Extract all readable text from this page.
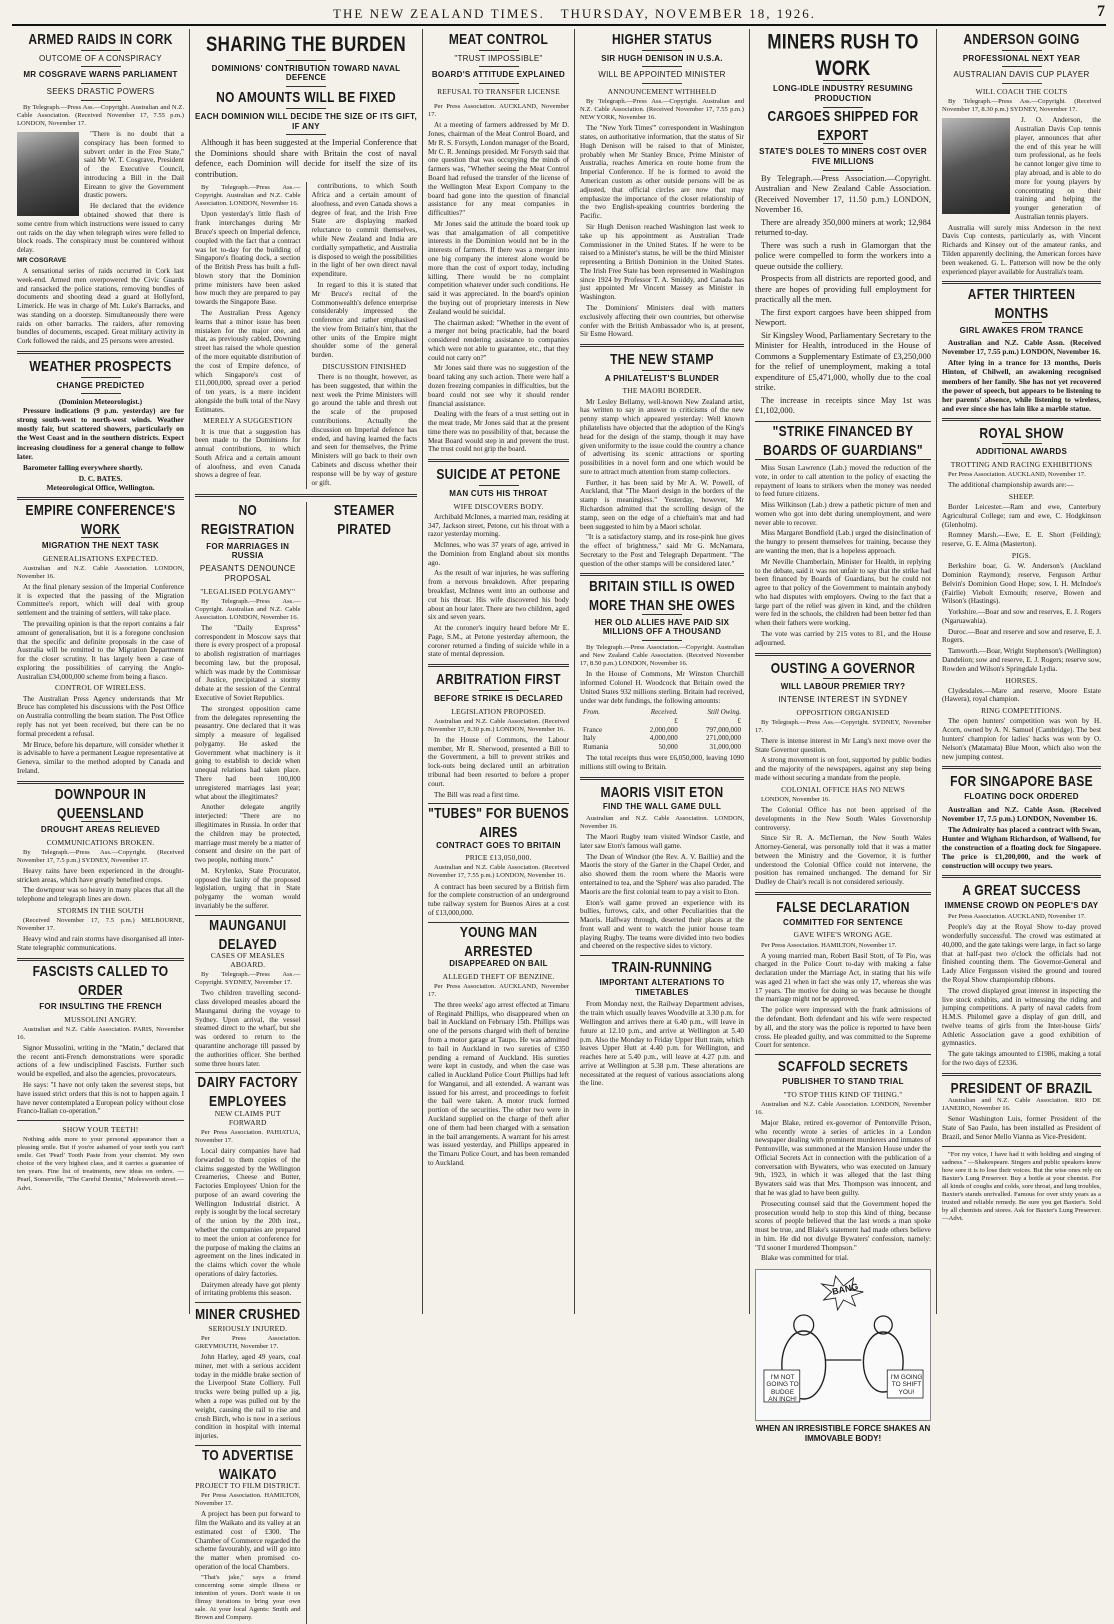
THE NEW ZEALAND TIMES. THURSDAY, NOVEMBER 18, 1926.	7
ARMED RAIDS IN CORK
OUTCOME OF A CONSPIRACY
MR COSGRAVE WARNS PARLIAMENT
SEEKS DRASTIC POWERS

By Telegraph.—Press Ass.—Copyright. Australian and N.Z. Cable Association. (Received November 17, 7.55 p.m.) LONDON, November 17.

"There is no doubt that a conspiracy has been formed to subvert order in the Free State," said Mr W. T. Cosgrave, President of the Executive Council, introducing a Bill in the Dail Eireann to give the Government drastic powers.

He declared that the evidence obtained showed that there is some centre from which instructions were issued to carry out raids on the day when telegraph wires were felled to block roads. The conspiracy must be countered without delay.

MR COSGRAVE

A sensational series of raids occurred in Cork last week-end. Armed men overpowered the Civic Guards and ransacked the police stations, removing bundles of documents and shooting dead a guard at Hollyford, Limerick. He was in charge of Mt. Luke's Barracks, and was standing on a doorstep. Simultaneously there were raids on other barracks. The raiders, after removing bundles of documents, escaped. Great military activity in Cork followed the raids, and 25 persons were arrested.

WEATHER PROSPECTS
CHANGE PREDICTED
(Dominion Meteorologist.)

Pressure indications (9 p.m. yesterday) are for strong south-west to north-west winds. Weather mostly fair, but scattered showers, particularly on the West Coast and in the southern districts. Expect increasing cloudiness for a general change to follow later.

Barometer falling everywhere shortly.

D. C. BATES.
Meteorological Office, Wellington.
EMPIRE CONFERENCE'S WORK
MIGRATION THE NEXT TASK
GENERALISATIONS EXPECTED.

Australian and N.Z. Cable Association. LONDON, November 16.

At the final plenary session of the Imperial Conference it is expected that the passing of the Migration Committee's report, which will deal with group settlement and the training of settlers, will take place.

The prevailing opinion is that the report contains a fair amount of generalisation, but it is a foregone conclusion that the specific and definite proposals in the case of Australia will be remitted to the Migration Department for the closer scrutiny. It has largely been a case of exploring the possibilities of carrying the Anglo-Australian £34,000,000 scheme from being a fiasco.

CONTROL OF WIRELESS.

The Australian Press Agency understands that Mr Bruce has completed his discussions with the Post Office on Australia controlling the beam station. The Post Office reply has not yet been received, but there can be no formal precedent a refusal.

Mr Bruce, before his departure, will consider whether it is advisable to have a permanent League representative at Geneva, similar to the method adopted by Canada and Ireland.

DOWNPOUR IN QUEENSLAND
DROUGHT AREAS RELIEVED
COMMUNICATIONS BROKEN.

By Telegraph.—Press Ass.—Copyright. (Received November 17, 7.5 p.m.) SYDNEY, November 17.

Heavy rains have been experienced in the drought-stricken areas, which have greatly benefited crops.

The downpour was so heavy in many places that all the telephone and telegraph lines are down.

STORMS IN THE SOUTH

(Received November 17, 7.5 p.m.) MELBOURNE, November 17.

Heavy wind and rain storms have disorganised all inter-State telegraphic communications.

FASCISTS CALLED TO ORDER
FOR INSULTING THE FRENCH
MUSSOLINI ANGRY.

Australian and N.Z. Cable Association. PARIS, November 16.

Signor Mussolini, writing in the "Matin," declared that the recent anti-French demonstrations were sporadic actions of a few undisciplined Fascists. Further such would be expelled, and also the agencies, provocateurs.

He says: "I have not only taken the severest steps, but have issued strict orders that this is not to happen again. I have never contemplated a European policy without close Franco-Italian co-operation."

SHOW YOUR TEETH!

Nothing adds more to your personal appearance than a pleasing smile. But if you're ashamed of your teeth you can't smile. Get 'Pearl' Tooth Paste from your chemist. My own choice of the very highest class, and it carries a guarantee of ten years. Fine list of treatments, new ideas on orders. — Pearl, Somerville, "The Careful Dentist," Molesworth street.—Advt.

SHARING THE BURDEN
DOMINIONS' CONTRIBUTION TOWARD NAVAL DEFENCE
NO AMOUNTS WILL BE FIXED
EACH DOMINION WILL DECIDE THE SIZE OF ITS GIFT, IF ANY

Although it has been suggested at the Imperial Conference that the Dominions should share with Britain the cost of naval defence, each Dominion will decide for itself the size of its contribution.

By Telegraph.—Press Ass.—Copyright. Australian and N.Z. Cable Association. LONDON, November 16.

Upon yesterday's little flash of frank interchanges during Mr Bruce's speech on Imperial defence, coupled with the fact that a contract was let to-day for the building of Singapore's floating dock, a section of the British Press has built a full-blown story that the Dominion prime ministers have been asked how much they are prepared to pay towards the Singapore Base.

The Australian Press Agency learns that a minor issue has been mistaken for the major one, and that, as previously cabled, Downing street has raised the whole question of the more equitable distribution of the cost of Empire defence, of which Singapore's cost of £11,000,000, spread over a period of ten years, is a mere incident alongside the bulk total of the Navy Estimates.

MERELY A SUGGESTION

It is true that a suggestion has been made to the Dominions for annual contributions, to which South Africa and a certain amount of aloofness, and even Canada shows a degree of fear.

contributions, to which South Africa and a certain amount of aloofness, and even Canada shows a degree of fear, and the Irish Free State are displaying marked reluctance to commit themselves, while New Zealand and India are cordially sympathetic, and Australia is disposed to weigh the possibilities in the light of her own direct naval expenditure.

In regard to this it is stated that Mr Bruce's recital of the Commonwealth's defence enterprise considerably impressed the conference and rather emphasised the view from Britain's hint, that the other units of the Empire might shoulder some of the general burden.

DISCUSSION FINISHED

There is no thought, however, as has been suggested, that within the next week the Prime Ministers will go around the table and thresh out the scale of the proposed contributions. Actually the discussion on Imperial defence has ended, and having learned the facts and seen for themselves, the Prime Ministers will go back to their own Cabinets and discuss whether their response will be by way of gesture or gift.

NO REGISTRATION
FOR MARRIAGES IN RUSSIA
PEASANTS DENOUNCE PROPOSAL
"LEGALISED POLYGAMY"

By Telegraph.—Press Ass.—Copyright. Australian and N.Z. Cable Association. LONDON, November 16.

The "Daily Express" correspondent in Moscow says that there is every prospect of a proposal to abolish registration of marriages becoming law, but the proposal, which was made by the Commissar of Justice, precipitated a stormy debate at the session of the Central Executive of Soviet Republics.

The strongest opposition came from the delegates representing the peasantry. One declared that it was simply a measure of legalised polygamy. He asked the Government what machinery is it going to establish to decide when unequal relations had taken place. There had been 100,000 unregistered marriages last year; what about the illegitimates?

Another delegate angrily interjected: "There are no illegitimates in Russia. In order that the children may be protected, marriage must merely be a matter of consent and desire on the part of two people, nothing more."

M. Krylenko, State Procurator, opposed the laxity of the proposed legislation, urging that in State polygamy the woman would invariably be the sufferer.

MAUNGANUI DELAYED
CASES OF MEASLES ABOARD.

By Telegraph.—Press Ass.—Copyright. SYDNEY, November 17.

Two children travelling second-class developed measles aboard the Maunganui during the voyage to Sydney. Upon arrival, the vessel steamed direct to the wharf, but she was ordered to return to the quarantine anchorage till passed by the authorities officer. She berthed some three hours later.

DAIRY FACTORY EMPLOYEES
NEW CLAIMS PUT FORWARD

Per Press Association. PAHIATUA, November 17.

Local dairy companies have had forwarded to them copies of the claims suggested by the Wellington Creameries, Cheese and Butter, Factories Employees' Union for the purpose of an award covering the Wellington Industrial district. A reply is sought by the local secretary of the union by the 20th inst., whether the companies are prepared to meet the union at conference for the purpose of making the claims an agreement on the lines indicated in the claims which cover the whole operations of dairy factories.

Dairymen already have got plenty of irritating problems this season.

MINER CRUSHED
SERIOUSLY INJURED.

Per Press Association. GREYMOUTH, November 17.

John Harley, aged 49 years, coal miner, met with a serious accident today in the middle brake section of the Liverpool State Colliery. Full trucks were being pulled up a jig, when a rope was pulled out by the weight, causing the rail to rise and crush Birch, who is now in a serious condition in hospital with internal injuries.

TO ADVERTISE WAIKATO
PROJECT TO FILM DISTRICT.

Per Press Association. HAMILTON, November 17.

A project has been put forward to film the Waikato and its valley at an estimated cost of £300. The Chamber of Commerce regarded the scheme favourably, and will go into the matter when promised co-operation of the local Chambers.

"That's jake," says a friend concerning some simple illness or intention of yours. Don't waste it on flimsy iterations to bring your own sale. At your local Agents: Smith and Brown and Company.

STEAMER PIRATED
MEAT CONTROL
"TRUST IMPOSSIBLE"
BOARD'S ATTITUDE EXPLAINED
REFUSAL TO TRANSFER LICENSE

Per Press Association. AUCKLAND, November 17.

At a meeting of farmers addressed by Mr D. Jones, chairman of the Meat Control Board, and Mr R. S. Forsyth, London manager of the Board, Mr C. R. Jennings presided. Mr Forsyth said that one question that was occupying the minds of farmers was, "Whether seeing the Meat Control Board had refused the transfer of the license of the Wellington Meat Export Company to the board had gone into the question of financial assistance for any meat companies in difficulties?"

Mr Jones said the attitude the board took up was that amalgamation of all competitive interests in the Dominion would not be in the interests of farmers. If there was a merger into one big company the interest alone would be more than the cost of export today, including killing. There would be no complaint competition whatever under such conditions. He said it was appreciated. In the board's opinion the buying out of proprietary interests in New Zealand would be suicidal.

The chairman asked: "Whether in the event of a merger not being practicable, had the board considered rendering assistance to companies which were not able to guarantee, etc., that they could not carry on?"

Mr Jones said there was no suggestion of the board taking any such action. There were half a dozen freezing companies in difficulties, but the board could not see why it should render financial assistance.

Dealing with the fears of a trust setting out in the meat trade, Mr Jones said that at the present time there was no possibility of that, because the Meat Board would step in and prevent the trust. The trust could not grip the board.

SUICIDE AT PETONE
MAN CUTS HIS THROAT
WIFE DISCOVERS BODY.

Archibald McInnes, a married man, residing at 347, Jackson street, Petone, cut his throat with a razor yesterday morning.

McInnes, who was 37 years of age, arrived in the Dominion from England about six months ago.

As the result of war injuries, he was suffering from a nervous breakdown. After preparing breakfast, McInnes went into an outhouse and cut his throat. His wife discovered his body about an hour later. There are two children, aged six and seven years.

At the coroner's inquiry heard before Mr E. Page, S.M., at Petone yesterday afternoon, the coroner returned a finding of suicide while in a state of mental depression.

ARBITRATION FIRST
BEFORE STRIKE IS DECLARED
LEGISLATION PROPOSED.

Australian and N.Z. Cable Association. (Received November 17, 8.30 p.m.) LONDON, November 16.

In the House of Commons, the Labour member, Mr R. Sherwood, presented a Bill to the Government, a bill to prevent strikes and lock-outs being declared until an arbitration tribunal had been resorted to before a proper court.

The Bill was read a first time.

"TUBES" FOR BUENOS AIRES
CONTRACT GOES TO BRITAIN
PRICE £13,050,000.

Australian and N.Z. Cable Association. (Received November 17, 7.55 p.m.) LONDON, November 16.

A contract has been secured by a British firm for the complete construction of an underground tube railway system for Buenos Aires at a cost of £13,000,000.

YOUNG MAN ARRESTED
DISAPPEARED ON BAIL
ALLEGED THEFT OF BENZINE.

Per Press Association. AUCKLAND, November 17.

The three weeks' ago arrest effected at Timaru of Reginald Phillips, who disappeared when on bail in Auckland on February 15th. Phillips was one of the persons charged with theft of benzine from a motor garage at Taupo. He was admitted to bail in Auckland in two sureties of £350 pending a remand of Auckland. His sureties were kept in custody, and when the case was called in Auckland Police Court Phillips had left for Wanganui, and all extended. A warrant was issued for his arrest, and proceedings to forfeit the bail were taken. A motor truck formed portion of the securities. The other two were in Auckland supplied on the charge of theft after one of them had been charged with a sensation in the bail arrangements. A warrant for his arrest was issued yesterday, and Phillips appeared in the Timaru Police Court, and has been remanded to Auckland.

HIGHER STATUS
SIR HUGH DENISON IN U.S.A.
WILL BE APPOINTED MINISTER
ANNOUNCEMENT WITHHELD

By Telegraph.—Press Ass.—Copyright. Australian and N.Z. Cable Association. (Received November 17, 7.55 p.m.) NEW YORK, November 16.

The "New York Times'" correspondent in Washington states, on authoritative information, that the status of Sir Hugh Denison will be raised to that of Minister, probably when Mr Stanley Bruce, Prime Minister of Australia, reaches America en route home from the Imperial Conference. If he is formed to avoid the American custom as other outside persons will be as adjusted, that official circles are now that may emphasize the importance of the closer relationship of the two English-speaking countries bordering the Pacific.

Sir Hugh Denison reached Washington last week to take up his appointment as Australian Trade Commissioner in the United States. If he were to be raised to a Minister's status, he will be the third Minister representing a British Dominion in the United States. The Irish Free State has been represented in Washington since 1924 by Professor T. A. Smiddy, and Canada has just appointed Mr Vincent Massey as Minister in Washington.

The Dominions' Ministers deal with matters exclusively affecting their own countries, but otherwise confer with the British Ambassador who is, at present, Sir Esme Howard.

THE NEW STAMP
A PHILATELIST'S BLUNDER
THE MAORI BORDER.

Mr Lesley Bellamy, well-known New Zealand artist, has written to say in answer to criticisms of the new penny stamp which appeared yesterday: Well known philatelists have objected that the adoption of the King's head for the design of the stamp, though it may have given uniformity to the issue could the country a chance of advertising its scenic attractions or sporting possibilities in a novel form and one which would be sure to attract much attention from stamp collectors.

Further, it has been said by Mr A. W. Powell, of Auckland, that "The Maori design in the borders of the stamp is meaningless." Yesterday, however, Mr Richardson admitted that the scrolling design of the stamp, seen on the edge of a chieftain's mat and had been suggested to him by a Maori scholar.

"It is a satisfactory stamp, and its rose-pink hue gives the effect of brightness," said Mr G. McNamara, Secretary to the Post and Telegraph Department. "The question of the other stamps will be considered later."

BRITAIN STILL IS OWED MORE THAN SHE OWES
HER OLD ALLIES HAVE PAID SIX MILLIONS OFF A THOUSAND

By Telegraph.—Press Association.—Copyright. Australian and New Zealand Cable Association. (Received November 17, 8.50 p.m.) LONDON, November 16.

In the House of Commons, Mr Winston Churchill informed Colonel H. Woodcock that Britain owed the United States 932 millions sterling. Britain had received, under war debt fundings, the following amounts:

From.	Received.	Still Owing.
	£	£
France	2,000,000	797,000,000
Italy	4,000,000	271,000,000
Rumania	50,000	31,000,000

The total receipts thus were £6,050,000, leaving 1090 millions still owing to Britain.

MAORIS VISIT ETON
FIND THE WALL GAME DULL

Australian and N.Z. Cable Association. LONDON, November 16.

The Maori Rugby team visited Windsor Castle, and later saw Eton's famous wall game.

The Dean of Windsor (the Rev. A. V. Baillie) and the Maoris the story of the Garter in the Chapel Order, and also showed them the room where the Maoris were entertained to tea, and the 'Sphere' was also paraded. The Maoris are the first colonial team to pay a visit to Eton.

Eton's wall game proved an experience with its bullies, furrows, calx, and other Peculiarities that the Maoris. Halfway through, deserted their places at the front wall and went to watch the junior house team playing Rugby. The teams were divided into two bodies and cheered on the respective sides to victory.

TRAIN-RUNNING
IMPORTANT ALTERATIONS TO TIMETABLES

From Monday next, the Railway Department advises, the train which usually leaves Woodville at 3.30 p.m. for Wellington and arrives there at 6.40 p.m., will leave in future at 12.10 p.m., and arrive at Wellington at 5.40 p.m. Also the Monday to Friday Upper Hutt train, which leaves Upper Hutt at 4.40 p.m. for Wellington, and reaches here at 5.40 p.m., will leave at 4.27 p.m. and arrive at Wellington at 5.38 p.m. These alterations are necessitated at the request of various associations along the line.

MINERS RUSH TO WORK
LONG-IDLE INDUSTRY RESUMING PRODUCTION
CARGOES SHIPPED FOR EXPORT
STATE'S DOLES TO MINERS COST OVER FIVE MILLIONS

By Telegraph.—Press Association.—Copyright. Australian and New Zealand Cable Association. (Received November 17, 11.50 p.m.) LONDON, November 16.

There are already 350,000 miners at work; 12,984 returned to-day.

There was such a rush in Glamorgan that the police were compelled to form the workers into a queue outside the colliery.

Prospects from all districts are reported good, and there are hopes of providing full employment for practically all the men.

The first export cargoes have been shipped from Newport.

Sir Kingsley Wood, Parliamentary Secretary to the Minister for Health, introduced in the House of Commons a Supplementary Estimate of £3,250,000 for the relief of unemployment, making a total expenditure of £5,471,000, wholly due to the coal strike.

The increase in receipts since May 1st was £1,102,000.

"STRIKE FINANCED BY BOARDS OF GUARDIANS"

Miss Susan Lawrence (Lab.) moved the reduction of the vote, in order to call attention to the policy of exacting the repayment of loans to strikers when the money was needed to feed future citizens.

Miss Wilkinson (Lab.) drew a pathetic picture of men and women who got into debt during unemployment, and were never able to recover.

Miss Margaret Bondfield (Lab.) urged the disinclination of the hungry to present themselves for training, because they are wanting the men, that is a hopeless approach.

Mr Neville Chamberlain, Minister for Health, in replying to the debate, said it was not unfair to say that the strike had been financed by Boards of Guardians, but he could not agree to that policy of the Government to maintain anybody who had disputes with employers. Owing to the fact that a large part of the relief was given in kind, and the children were fed in the schools, the children had been better fed than when their fathers were working.

The vote was carried by 215 votes to 81, and the House adjourned.

OUSTING A GOVERNOR
WILL LABOUR PREMIER TRY?
INTENSE INTEREST IN SYDNEY
OPPOSITION ORGANISED

By Telegraph.—Press Ass.—Copyright. SYDNEY, November 17.

There is intense interest in Mr Lang's next move over the State Governor question.

A strong movement is on foot, supported by public bodies and the majority of the newspapers, against any step being made without securing a mandate from the people.

COLONIAL OFFICE HAS NO NEWS

LONDON, November 16.

The Colonial Office has not been apprised of the developments in the New South Wales Governorship controversy.

Since Sir R. A. McTiernan, the New South Wales Attorney-General, was personally told that it was a matter between the Ministry and the Governor, it is further understood the Colonial Office could not intervene, the position has remained unchanged. The demand for Sir Dudley de Chair's recall is not considered seriously.

FALSE DECLARATION
COMMITTED FOR SENTENCE
GAVE WIFE'S WRONG AGE.

Per Press Association. HAMILTON, November 17.

A young married man, Robert Basil Stott, of Te Pio, was charged in the Police Court to-day with making a false declaration under the Marriage Act, in stating that his wife was aged 21 when in fact she was only 17, whereas she was 17 years. The motive for doing so was because he thought the marriage might not be approved.

The police were impressed with the frank admissions of the defendant. Both defendant and his wife were respected by all, and the story was the police is reported to have been cross. He pleaded guilty, and was committed to the Supreme Court for sentence.

SCAFFOLD SECRETS
PUBLISHER TO STAND TRIAL
"TO STOP THIS KIND OF THING."

Australian and N.Z. Cable Association. LONDON, November 16.

Major Blake, retired ex-governor of Pentonville Prison, who recently wrote a series of articles in a London newspaper dealing with prominent murderers and inmates of Pentonville, was summoned at the Mansion House under the Official Secrets Act in connection with the publication of a conversation with Bywaters, who was executed on January 9th, 1923, in which it was alleged that the last thing Bywaters said was that Mrs. Thompson was innocent, and that he was glad to have been guilty.

Prosecuting counsel said that the Government hoped the prosecution would help to stop this kind of thing, because scores of people believed that the last words a man spoke must be true, and Blake's statement had made others believe in him. He did not divulge Bywaters' confession, namely: "I'd sooner I murdered Thompson."

Blake was committed for trial.

BANG
I'M NOT GOING TO BUDGE AN INCH!
I'M GOING TO SHIFT YOU!
WHEN AN IRRESISTIBLE FORCE SHAKES AN IMMOVABLE BODY!
ANDERSON GOING
PROFESSIONAL NEXT YEAR
AUSTRALIAN DAVIS CUP PLAYER
WILL COACH THE COLTS

By Telegraph.—Press Ass.—Copyright. (Received November 17, 8.30 p.m.) SYDNEY, November 17.

J. O. Anderson, the Australian Davis Cup tennis player, announces that after the end of this year he will turn professional, as he feels he cannot longer give time to play abroad, and is able to do more for young players by concentrating on their training and helping the younger generation of Australian tennis players.

Australia will surely miss Anderson in the next Davis Cup contests, particularly as, with Vincent Richards and Kinsey out of the amateur ranks, and Tilden apparently declining, the American forces have been weakened. G. L. Patterson will now be the only experienced player available for Australia's team.

AFTER THIRTEEN MONTHS
GIRL AWAKES FROM TRANCE

Australian and N.Z. Cable Assn. (Received November 17, 7.55 p.m.) LONDON, November 16.

After lying in a trance for 13 months, Doris Hinton, of Chilwell, an awakening recognised members of her family. She has not yet recovered the power of speech, but appears to be listening to her parents' absence, while listening to wireless, and ever since she has lain like a marble statue.

ROYAL SHOW
ADDITIONAL AWARDS
TROTTING AND RACING EXHIBITIONS

Per Press Association. AUCKLAND, November 17.

The additional championship awards are:—

SHEEP.

Border Leicester.—Ram and ewe, Canterbury Agricultural College; ram and ewe, C. Hodgkinson (Glenholm).

Romney Marsh.—Ewe, E. E. Short (Feilding); reserve, G. E. Alma (Masterton).

PIGS.

Berkshire boar, G. W. Anderson's (Auckland Dominion Raymond); reserve, Ferguson Arthur Belvin's Dominion Good Hope; sow, I. H. McIndoe's (Fairlie) Viebolt Exmouth; reserve, Bowen and Wilson's (Hastings).

Yorkshire.—Boar and sow and reserves, E. J. Rogers (Ngaruawahia).

Duroc.—Boar and reserve and sow and reserve, E. J. Rogers.

Tamworth.—Boar, Wright Stephenson's (Wellington) Dandelion; sow and reserve, E. J. Rogers; reserve sow, Rowden and Wilson's Springdale Lydia.

HORSES.

Clydesdales.—Mare and reserve, Moore Estate (Hawera), royal champion.

RING COMPETITIONS.

The open hunters' competition was won by H. Acorn, owned by A. N. Samuel (Cambridge). The best hunters' champion for ladies' hacks was won by O. Nelson's (Matamata) Blue Moon, which also won the new jumping contest.

FOR SINGAPORE BASE
FLOATING DOCK ORDERED

Australian and N.Z. Cable Assn. (Received November 17, 7.5 p.m.) LONDON, November 16.

The Admiralty has placed a contract with Swan, Hunter and Wigham Richardson, of Wallsend, for the construction of a floating dock for Singapore. The price is £1,200,000, and the work of construction will occupy two years.

A GREAT SUCCESS
IMMENSE CROWD ON PEOPLE'S DAY

Per Press Association. AUCKLAND, November 17.

People's day at the Royal Show to-day proved wonderfully successful. The crowd was estimated at 40,000, and the gate takings were large, in fact so large that at half-past two o'clock the officials had not finished counting them. The Governor-General and Lady Alice Fergusson visited the ground and toured the Royal Show championship ribbons.

The crowd displayed great interest in inspecting the live stock exhibits, and in witnessing the riding and jumping competitions. A party of naval cadets from H.M.S. Philomel gave a display of gun drill, and twelve teams of girls from the Inter-house Girls' Athletic Association gave a good exhibition of gymnastics.

The gate takings amounted to £1986, making a total for the two days of £2336.

PRESIDENT OF BRAZIL

Australian and N.Z. Cable Association. RIO DE JANEIRO, November 16.

Senor Washington Luis, former President of the State of Sao Paulo, has been installed as President of Brazil, and Senor Mello Vianna as Vice-President.

"For my voice, I have had it with holding and singing of sadness." —Shakespeare. Singers and public speakers know how sore it is to lose their voices. But the wise ones rely on Baxter's Lung Preserver. Buy a bottle at your chemist. For all kinds of coughs and colds, sore throat, and lung troubles, Baxter's stands unrivalled. Famous for over sixty years as a trusted and reliable remedy. Be sure you get Baxter's. Sold by all chemists and stores. Ask for Baxter's Lung Preserver.—Advt.
